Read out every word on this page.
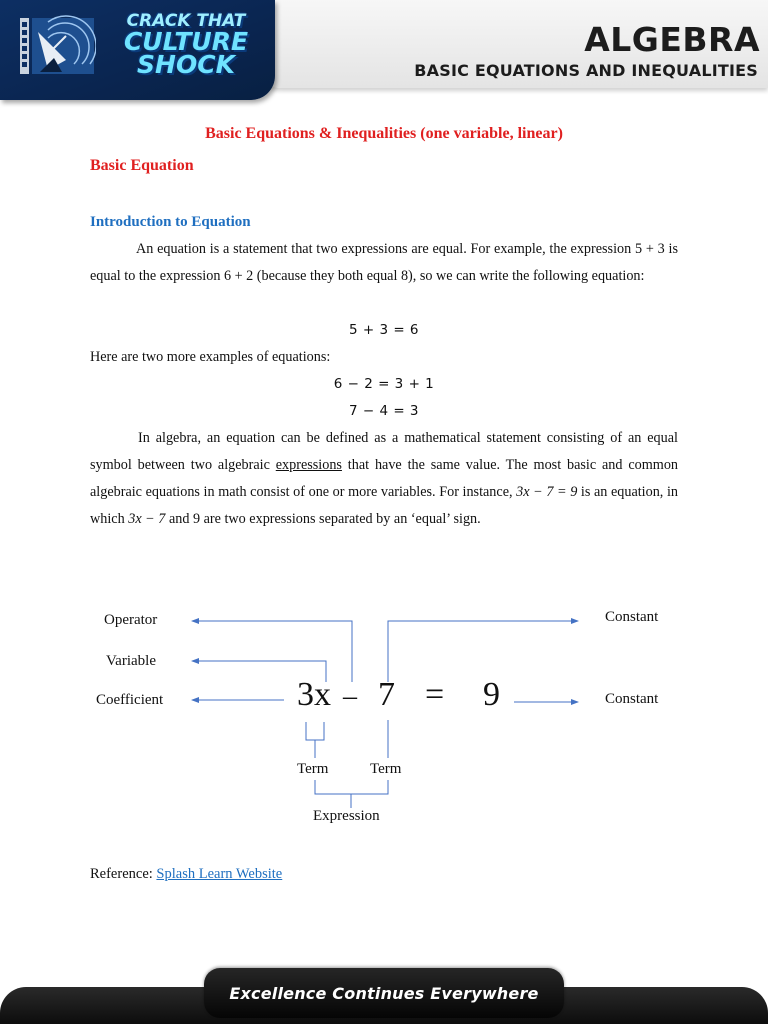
ALGEBRA
BASIC EQUATIONS AND INEQUALITIES
CRACK THAT
CULTURE
SHOCK
Basic Equations & Inequalities (one variable, linear)
Basic Equation
Introduction to Equation

An equation is a statement that two expressions are equal. For example, the expression 5 + 3 is equal to the expression 6 + 2 (because they both equal 8), so we can write the following equation:

5 + 3 = 6

Here are two more examples of equations:

6 − 2 = 3 + 1
7 − 4 = 3

In algebra, an equation can be defined as a mathematical statement consisting of an equal symbol between two algebraic expressions that have the same value. The most basic and common algebraic equations in math consist of one or more variables. For instance, 3x − 7 = 9 is an equation, in which 3x − 7 and 9 are two expressions separated by an ‘equal’ sign.

Operator
Variable
Coefficient
Constant
Constant
3x – 7 = 9
Term	Term
Expression
Reference: Splash Learn Website
Excellence Continues Everywhere
